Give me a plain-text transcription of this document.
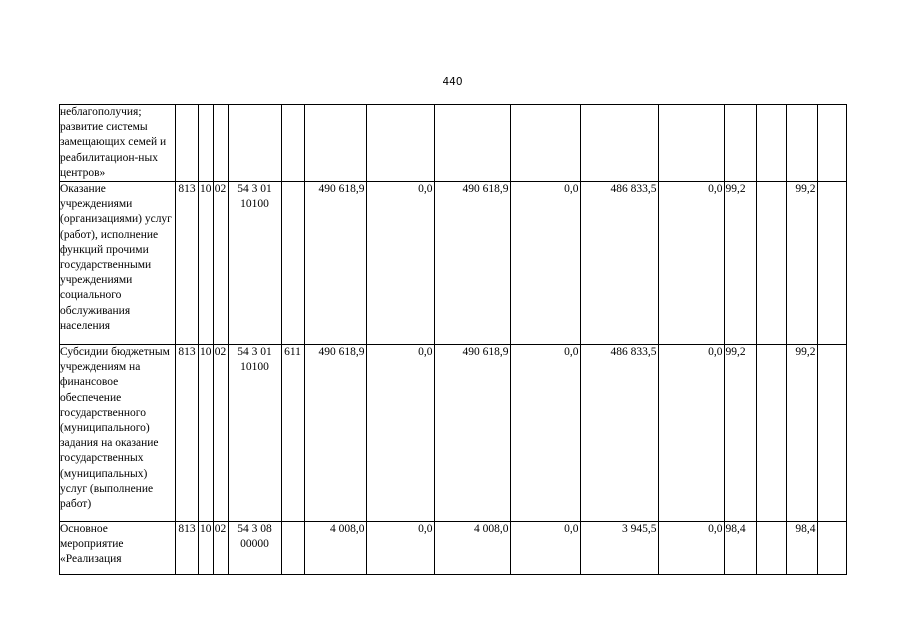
440
неблагополучия; развитие системы замещающих семей и реабилитацион-ных центров»				

Оказание учреждениями (организациями) услуг (работ), исполнение функций прочими государственными учреждениями социального обслуживания населения	813	10	02	54 3 01
10100		490 618,9	0,0	490 618,9	0,0	486 833,5	0,0	99,2		99,2	
Субсидии бюджетным учреждениям на финансовое обеспечение государственного (муниципального) задания на оказание государственных (муниципальных) услуг (выполнение работ)	813	10	02	54 3 01
10100	611	490 618,9	0,0	490 618,9	0,0	486 833,5	0,0	99,2		99,2	
Основное мероприятие «Реализация	813	10	02	54 3 08
00000		4 008,0	0,0	4 008,0	0,0	3 945,5	0,0	98,4		98,4	
